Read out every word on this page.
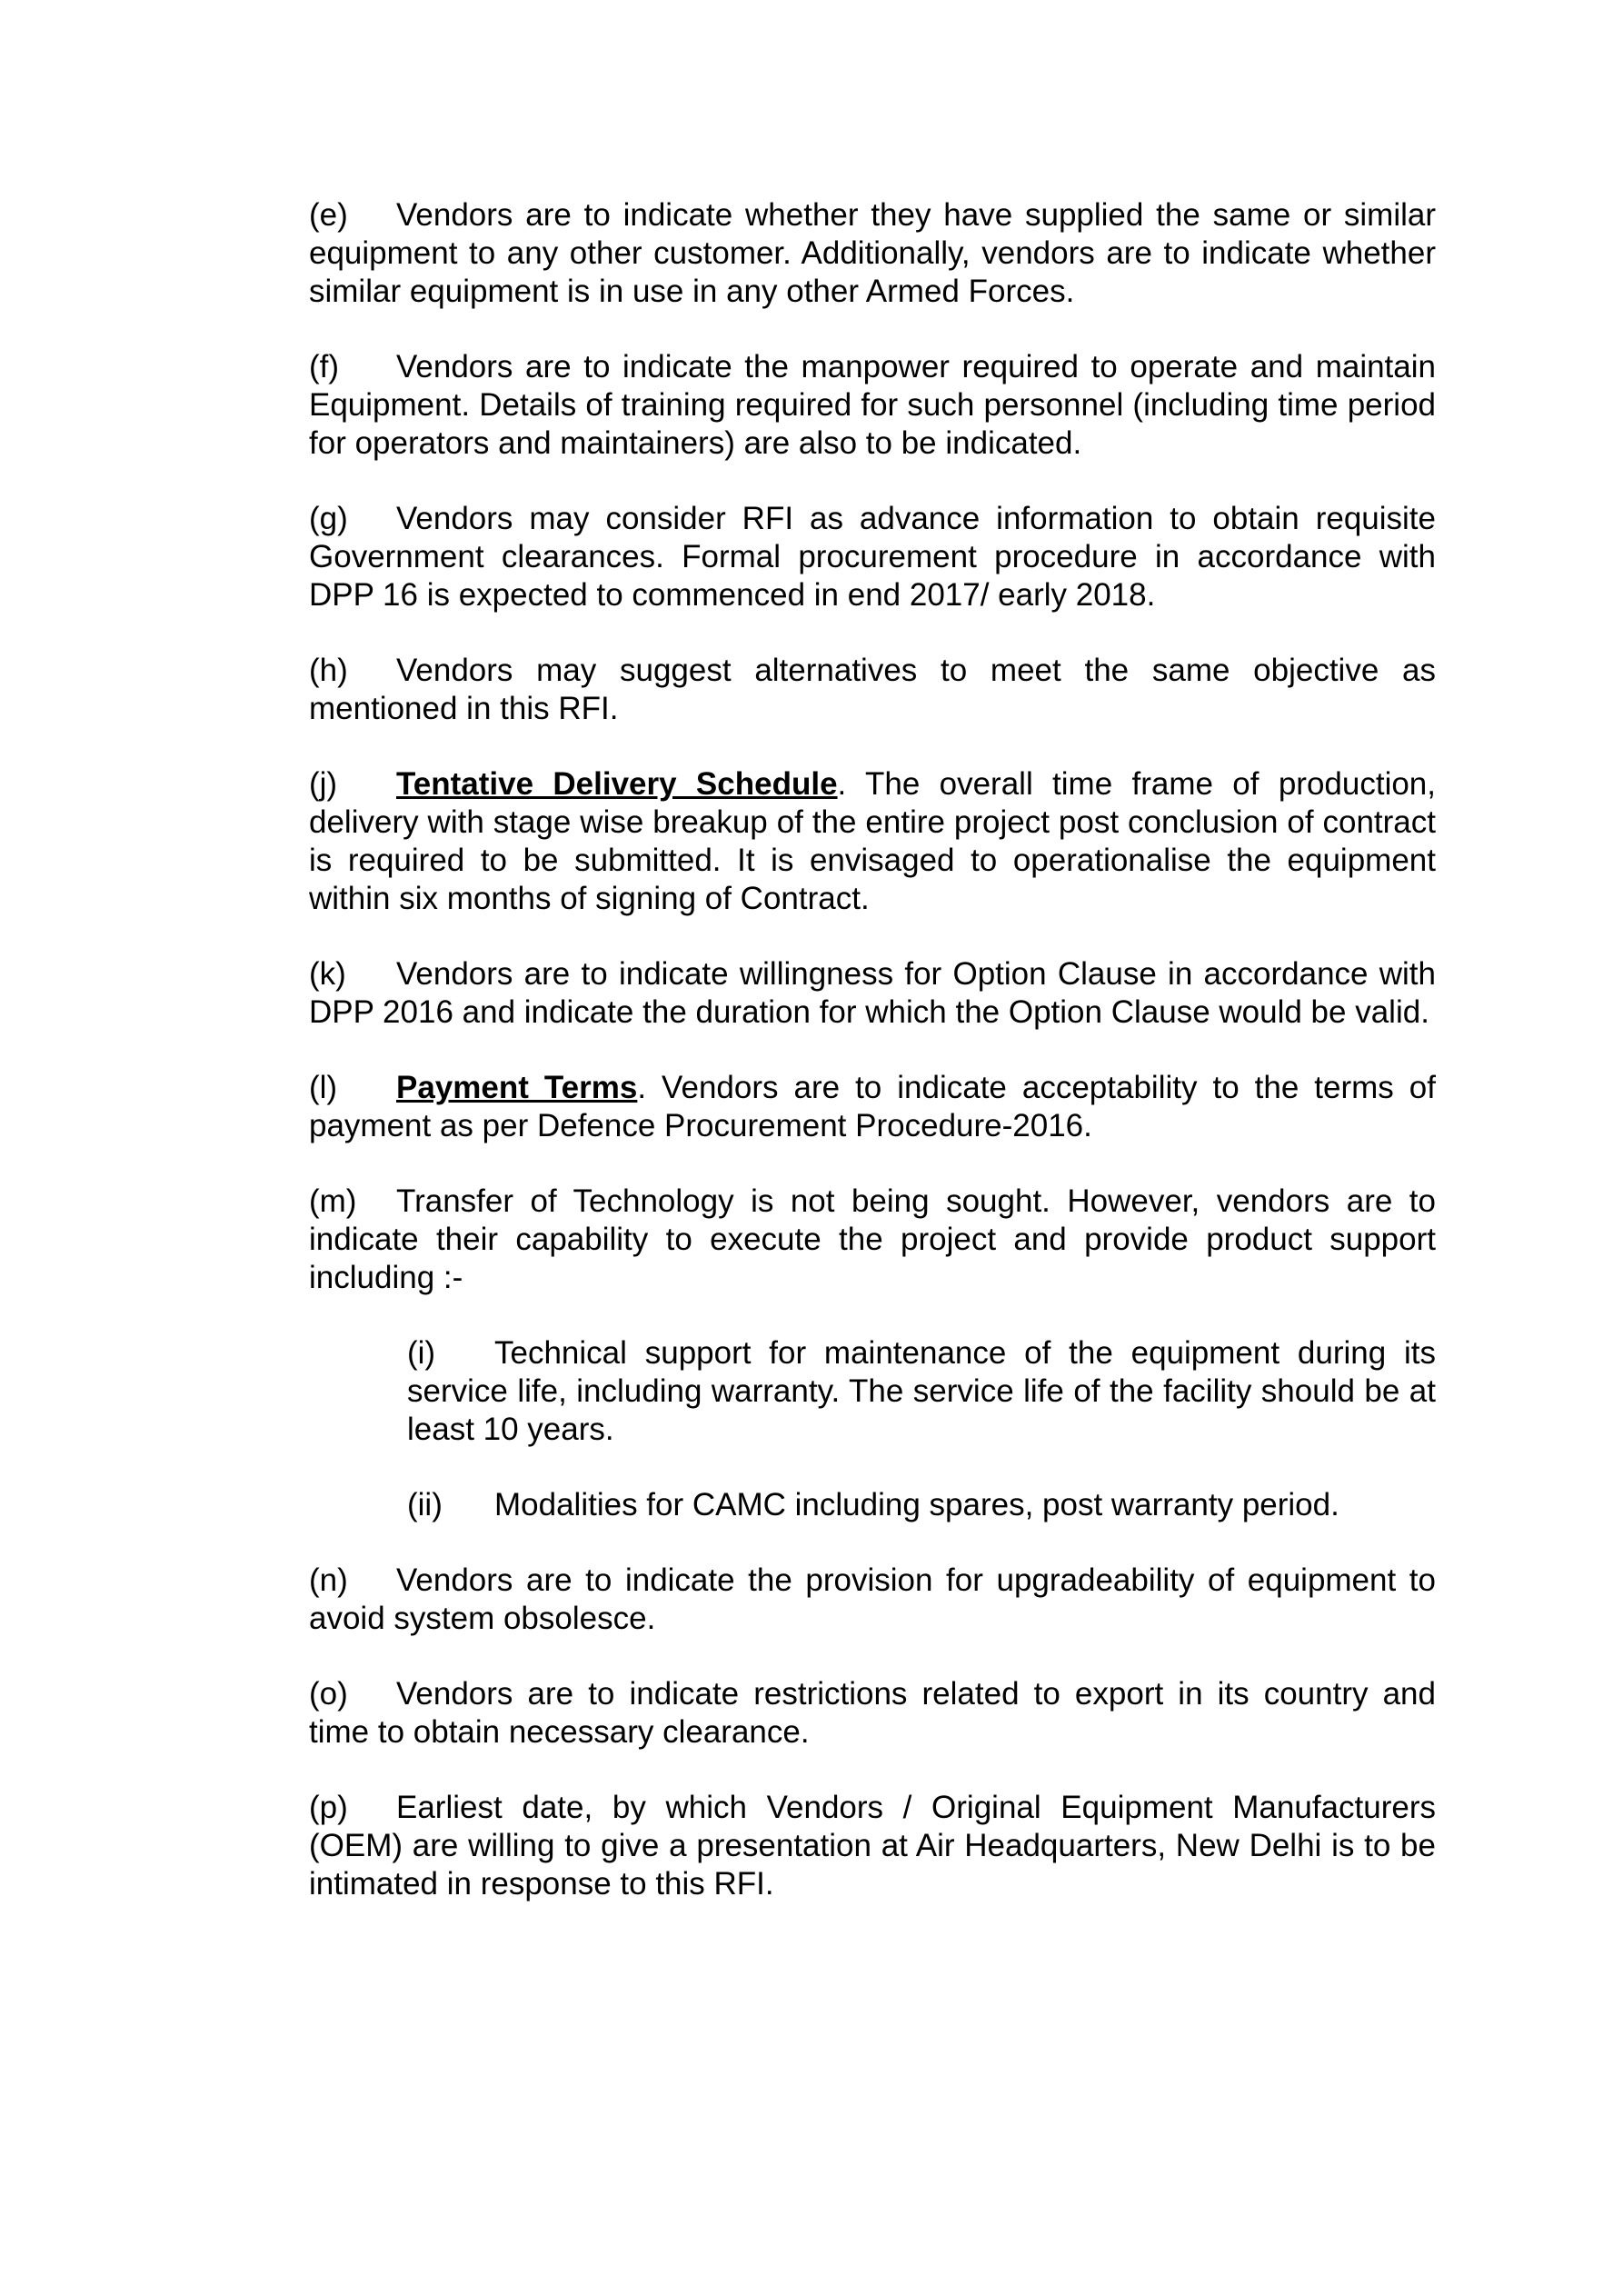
(e) Vendors are to indicate whether they have supplied the same or similar equipment to any other customer. Additionally, vendors are to indicate whether similar equipment is in use in any other Armed Forces.

(f) Vendors are to indicate the manpower required to operate and maintain Equipment. Details of training required for such personnel (including time period for operators and maintainers) are also to be indicated.

(g) Vendors may consider RFI as advance information to obtain requisite Government clearances. Formal procurement procedure in accordance with DPP 16 is expected to commenced in end 2017/ early 2018.

(h) Vendors may suggest alternatives to meet the same objective as mentioned in this RFI.

(j) Tentative Delivery Schedule. The overall time frame of production, delivery with stage wise breakup of the entire project post conclusion of contract is required to be submitted. It is envisaged to operationalise the equipment within six months of signing of Contract.

(k) Vendors are to indicate willingness for Option Clause in accordance with DPP 2016 and indicate the duration for which the Option Clause would be valid.

(l) Payment Terms. Vendors are to indicate acceptability to the terms of payment as per Defence Procurement Procedure-2016.

(m) Transfer of Technology is not being sought. However, vendors are to indicate their capability to execute the project and provide product support including :-

(i) Technical support for maintenance of the equipment during its service life, including warranty. The service life of the facility should be at least 10 years.

(ii) Modalities for CAMC including spares, post warranty period.

(n) Vendors are to indicate the provision for upgradeability of equipment to avoid system obsolesce.

(o) Vendors are to indicate restrictions related to export in its country and time to obtain necessary clearance.

(p) Earliest date, by which Vendors / Original Equipment Manufacturers (OEM) are willing to give a presentation at Air Headquarters, New Delhi is to be intimated in response to this RFI.
